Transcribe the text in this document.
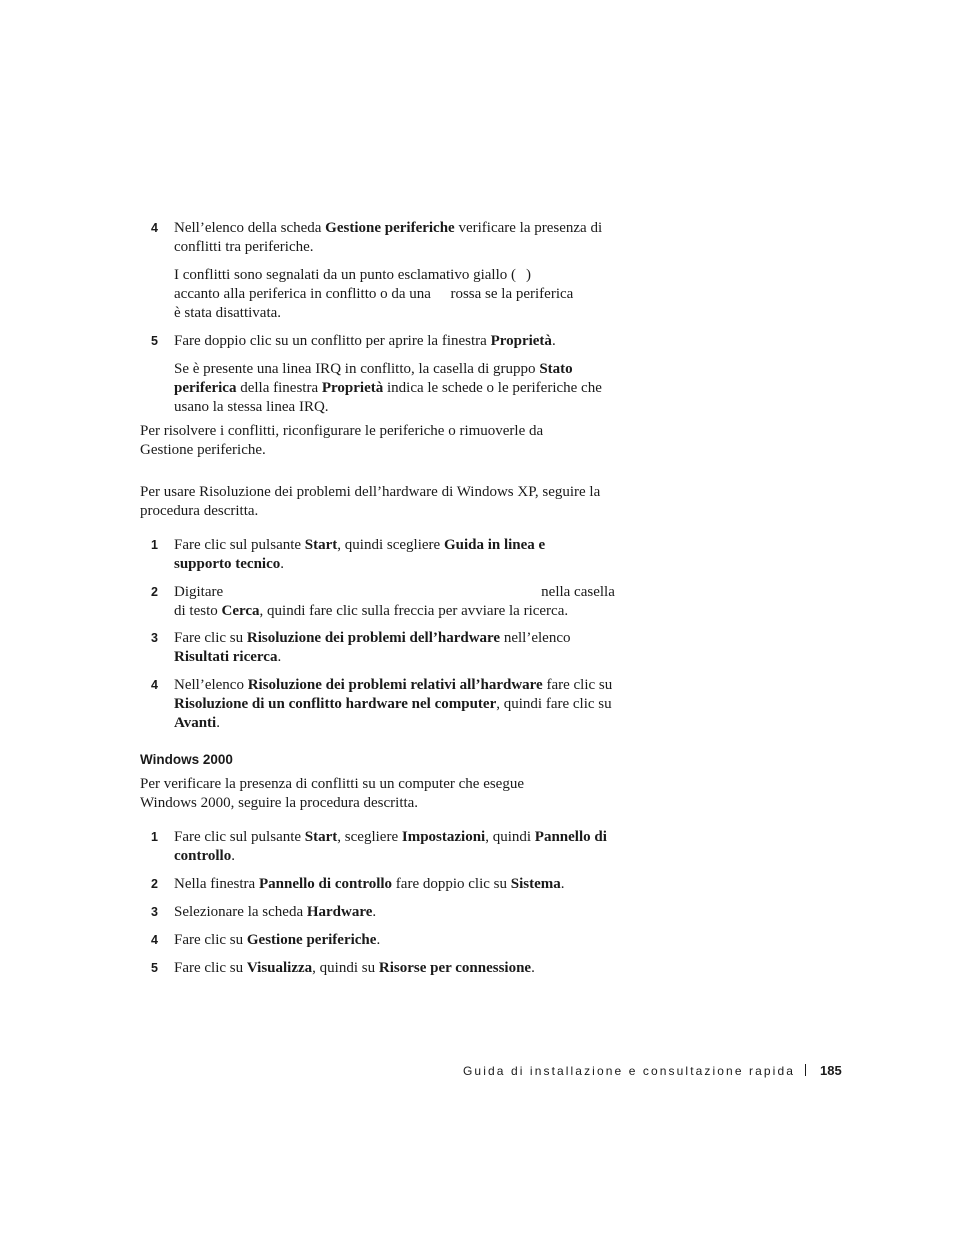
4 Nell’elenco della scheda Gestione periferiche verificare la presenza di conflitti tra periferiche.

I conflitti sono segnalati da un punto esclamativo giallo ( )
accanto alla periferica in conflitto o da una rossa se la periferica
è stata disattivata.

5 Fare doppio clic su un conflitto per aprire la finestra Proprietà.

Se è presente una linea IRQ in conflitto, la casella di gruppo Stato periferica della finestra Proprietà indica le schede o le periferiche che usano la stessa linea IRQ.

Per risolvere i conflitti, riconfigurare le periferiche o rimuoverle da Gestione periferiche.

Per usare Risoluzione dei problemi dell’hardware di Windows XP, seguire la procedura descritta.

1 Fare clic sul pulsante Start, quindi scegliere Guida in linea e supporto tecnico.

2 Digitare	nella casella
di testo Cerca, quindi fare clic sulla freccia per avviare la ricerca.

3 Fare clic su Risoluzione dei problemi dell’hardware nell’elenco
Risultati ricerca.

4 Nell’elenco Risoluzione dei problemi relativi all’hardware fare clic su
Risoluzione di un conflitto hardware nel computer, quindi fare clic su
Avanti.

Windows 2000

Per verificare la presenza di conflitti su un computer che esegue Windows 2000, seguire la procedura descritta.

1 Fare clic sul pulsante Start, scegliere Impostazioni, quindi Pannello di controllo.

2 Nella finestra Pannello di controllo fare doppio clic su Sistema.

3 Selezionare la scheda Hardware.

4 Fare clic su Gestione periferiche.

5 Fare clic su Visualizza, quindi su Risorse per connessione.

Guida di installazione e consultazione rapida 185
